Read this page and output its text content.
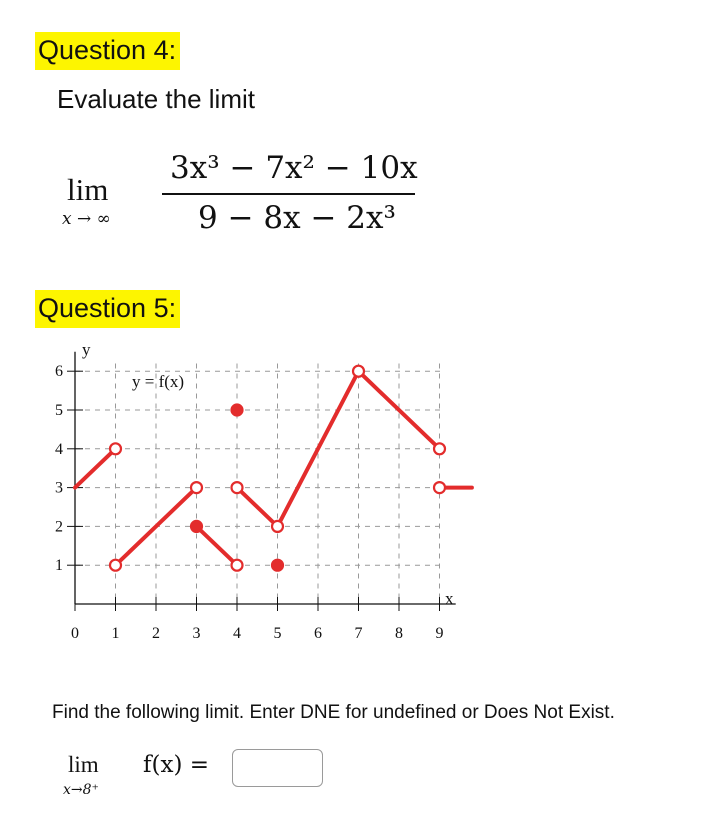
Question 4:
Evaluate the limit
lim
x → ∞
3x³ − 7x² − 10x
9 − 8x − 2x³
Question 5:
0 1 2 3 4 5 6 7 8 9
1
2
3
4
5
6
y = f(x)
x
y
Find the following limit. Enter DNE for undefined or Does Not Exist.
lim
x→8⁺
f(x) =
